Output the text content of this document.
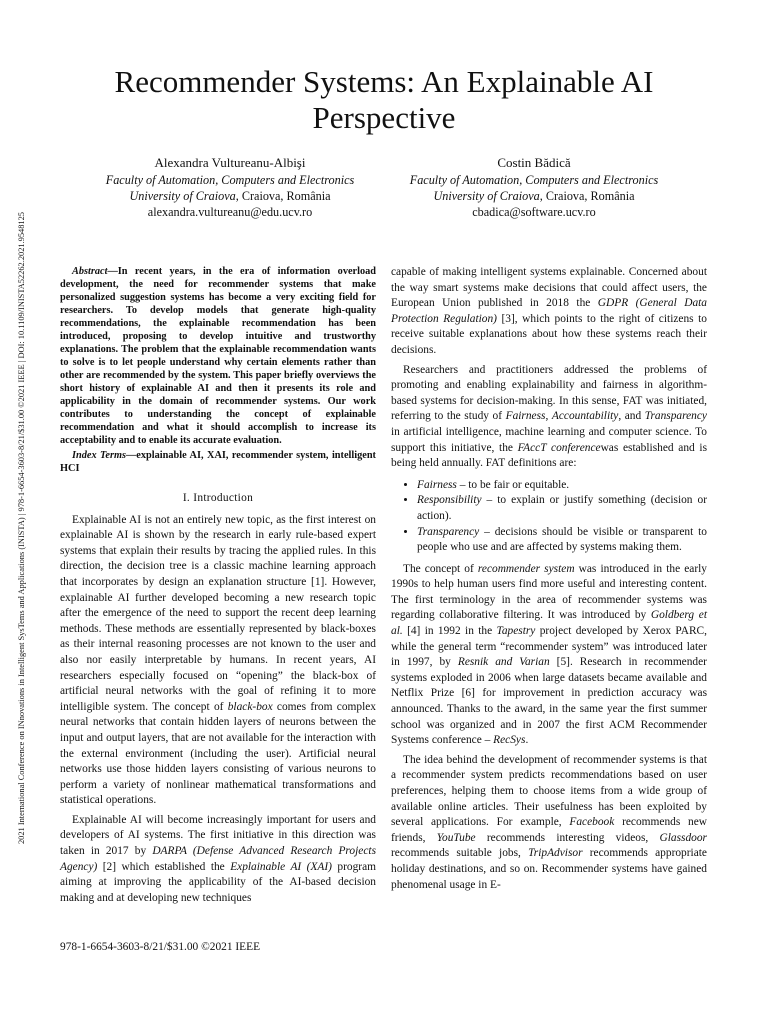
2021 International Conference on INnovations in Intelligent SysTems and Applications (INISTA) | 978-1-6654-3603-8/21/$31.00 ©2021 IEEE | DOI: 10.1109/INISTA52262.2021.9548125
Recommender Systems: An Explainable AI Perspective
Alexandra Vultureanu-Albişi
Faculty of Automation, Computers and Electronics
University of Craiova, Craiova, România
alexandra.vultureanu@edu.ucv.ro
Costin Bădică
Faculty of Automation, Computers and Electronics
University of Craiova, Craiova, România
cbadica@software.ucv.ro

Abstract—In recent years, in the era of information overload development, the need for recommender systems that make personalized suggestion systems has become a very exciting field for researchers. To develop models that generate high-quality recommendations, the explainable recommendation has been introduced, proposing to develop intuitive and trustworthy explanations. The problem that the explainable recommendation wants to solve is to let people understand why certain elements rather than other are recommended by the system. This paper briefly overviews the short history of explainable AI and then it presents its role and applicability in the domain of recommender systems. Our work contributes to understanding the concept of explainable recommendation and what it should accomplish to increase its acceptability and to enable its accurate evaluation.

Index Terms—explainable AI, XAI, recommender system, intelligent HCI

I. Introduction

Explainable AI is not an entirely new topic, as the first interest on explainable AI is shown by the research in early rule-based expert systems that explain their results by tracing the applied rules. In this direction, the decision tree is a classic machine learning approach that incorporates by design an explanation structure [1]. However, explainable AI further developed becoming a new research topic after the emergence of the need to support the recent deep learning methods. These methods are essentially represented by black-boxes as their internal reasoning processes are not known to the user and also nor easily interpretable by humans. In recent years, AI researchers especially focused on “opening” the black-box of artificial neural networks with the goal of refining it to more intelligible system. The concept of black-box comes from complex neural networks that contain hidden layers of neurons between the input and output layers, that are not available for the interaction with the external environment (including the user). Artificial neural networks use those hidden layers consisting of various neurons to perform a variety of nonlinear mathematical transformations and statistical operations.

Explainable AI will become increasingly important for users and developers of AI systems. The first initiative in this direction was taken in 2017 by DARPA (Defense Advanced Research Projects Agency) [2] which established the Explainable AI (XAI) program aiming at improving the applicability of the AI-based decision making and at developing new techniques

capable of making intelligent systems explainable. Concerned about the way smart systems make decisions that could affect users, the European Union published in 2018 the GDPR (General Data Protection Regulation) [3], which points to the right of citizens to receive suitable explanations about how these systems reach their decisions.

Researchers and practitioners addressed the problems of promoting and enabling explainability and fairness in algorithm-based systems for decision-making. In this sense, FAT was initiated, referring to the study of Fairness, Accountability, and Transparency in artificial intelligence, machine learning and computer science. To support this initiative, the FAccT conferencewas established and is being held annually. FAT definitions are:

• Fairness – to be fair or equitable.
• Responsibility – to explain or justify something (decision or action).
• Transparency – decisions should be visible or transparent to people who use and are affected by systems making them.

The concept of recommender system was introduced in the early 1990s to help human users find more useful and interesting content. The first terminology in the area of recommender systems was regarding collaborative filtering. It was introduced by Goldberg et al. [4] in 1992 in the Tapestry project developed by Xerox PARC, while the general term “recommender system” was introduced later in 1997, by Resnik and Varian [5]. Research in recommender systems exploded in 2006 when large datasets became available and Netflix Prize [6] for improvement in prediction accuracy was announced. Thanks to the award, in the same year the first summer school was organized and in 2007 the first ACM Recommender Systems conference – RecSys.

The idea behind the development of recommender systems is that a recommender system predicts recommendations based on user preferences, helping them to choose items from a wide group of available online articles. Their usefulness has been exploited by several applications. For example, Facebook recommends new friends, YouTube recommends interesting videos, Glassdoor recommends suitable jobs, TripAdvisor recommends appropriate holiday destinations, and so on. Recommender systems have gained phenomenal usage in E-

978-1-6654-3603-8/21/$31.00 ©2021 IEEE
